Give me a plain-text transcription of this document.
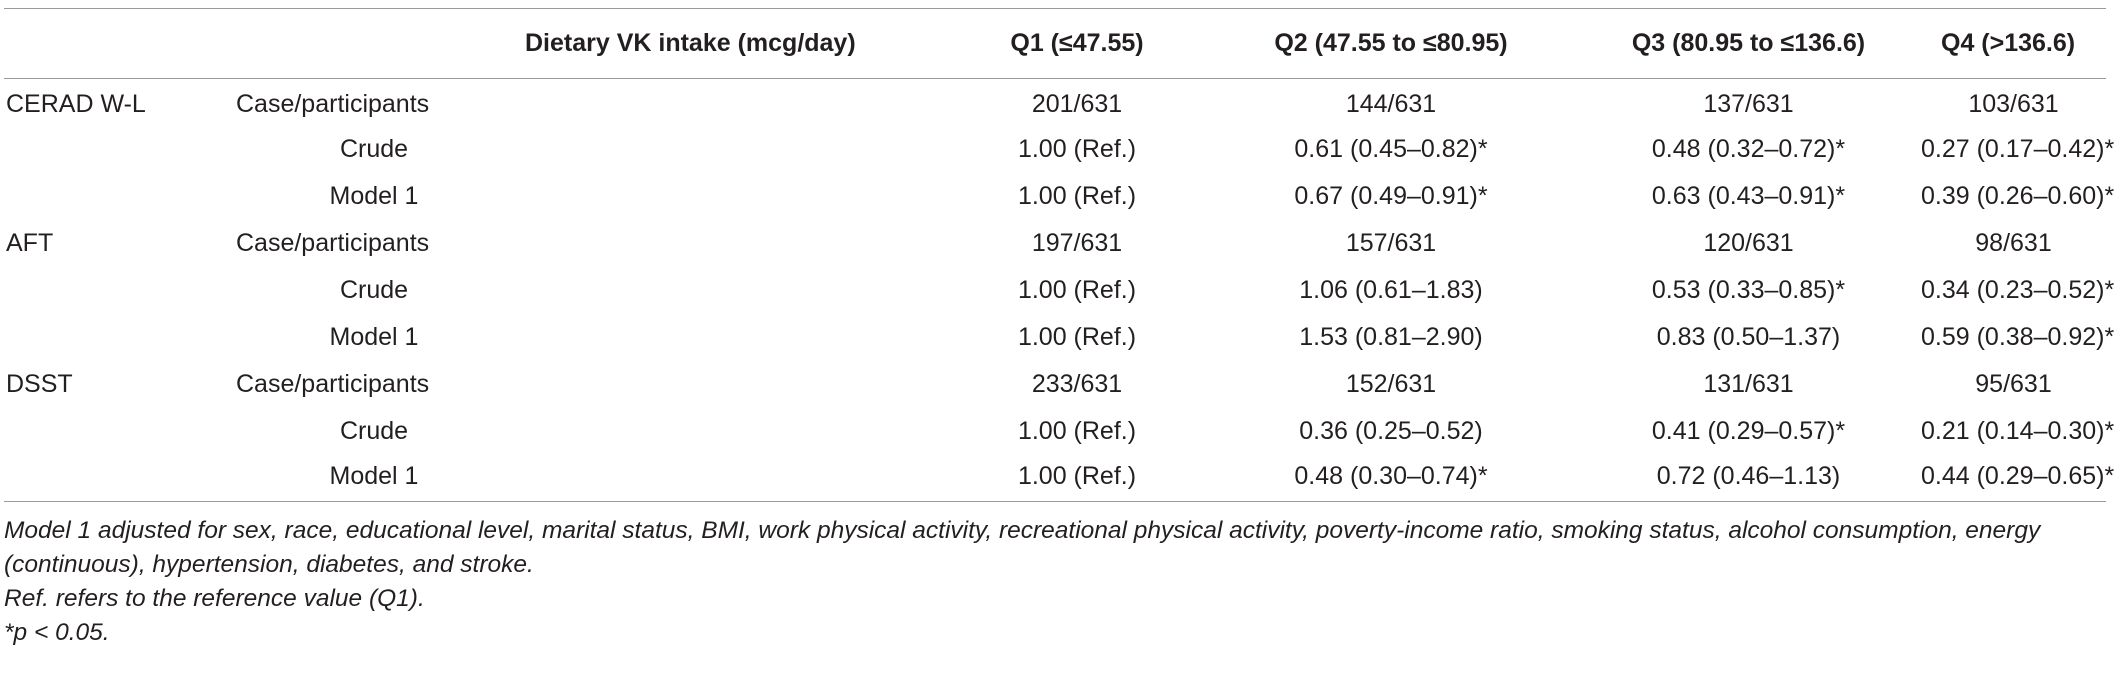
		Dietary VK intake (mcg/day)	Q1 (≤47.55)	Q2 (47.55 to ≤80.95)	Q3 (80.95 to ≤136.6)	Q4 (>136.6)
CERAD W-L	Case/participants		201/631	144/631	137/631	103/631
	Crude		1.00 (Ref.)	0.61 (0.45–0.82)*	0.48 (0.32–0.72)*	0.27 (0.17–0.42)*
	Model 1		1.00 (Ref.)	0.67 (0.49–0.91)*	0.63 (0.43–0.91)*	0.39 (0.26–0.60)*
AFT	Case/participants		197/631	157/631	120/631	98/631
	Crude		1.00 (Ref.)	1.06 (0.61–1.83)	0.53 (0.33–0.85)*	0.34 (0.23–0.52)*
	Model 1		1.00 (Ref.)	1.53 (0.81–2.90)	0.83 (0.50–1.37)	0.59 (0.38–0.92)*
DSST	Case/participants		233/631	152/631	131/631	95/631
	Crude		1.00 (Ref.)	0.36 (0.25–0.52)	0.41 (0.29–0.57)*	0.21 (0.14–0.30)*
	Model 1		1.00 (Ref.)	0.48 (0.30–0.74)*	0.72 (0.46–1.13)	0.44 (0.29–0.65)*

Model 1 adjusted for sex, race, educational level, marital status, BMI, work physical activity, recreational physical activity, poverty-income ratio, smoking status, alcohol consumption, energy (continuous), hypertension, diabetes, and stroke.

Ref. refers to the reference value (Q1).

*p < 0.05.
